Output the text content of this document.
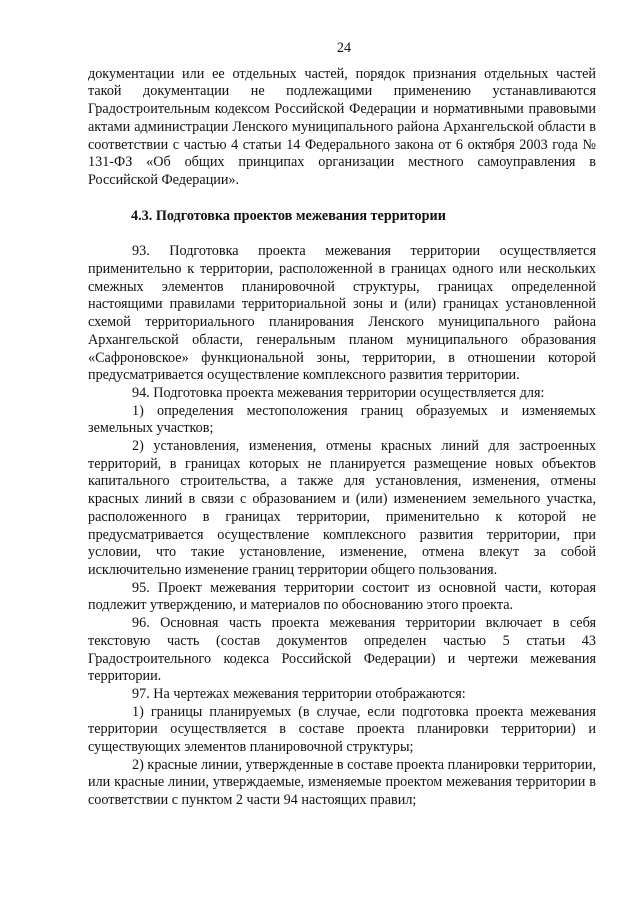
24

документации или ее отдельных частей, порядок признания отдельных частей такой документации не подлежащими применению устанавливаются Градостроительным кодексом Российской Федерации и нормативными правовыми актами администрации Ленского муниципального района Архангельской области в соответствии с частью 4 статьи 14 Федерального закона от 6 октября 2003 года № 131-ФЗ «Об общих принципах организации местного самоуправления в Российской Федерации».

4.3. Подготовка проектов межевания территории

93. Подготовка проекта межевания территории осуществляется применительно к территории, расположенной в границах одного или нескольких смежных элементов планировочной структуры, границах определенной настоящими правилами территориальной зоны и (или) границах установленной схемой территориального планирования Ленского муниципального района Архангельской области, генеральным планом муниципального образования «Сафроновское» функциональной зоны, территории, в отношении которой предусматривается осуществление комплексного развития территории.

94. Подготовка проекта межевания территории осуществляется для:

1) определения местоположения границ образуемых и изменяемых земельных участков;

2) установления, изменения, отмены красных линий для застроенных территорий, в границах которых не планируется размещение новых объектов капитального строительства, а также для установления, изменения, отмены красных линий в связи с образованием и (или) изменением земельного участка, расположенного в границах территории, применительно к которой не предусматривается осуществление комплексного развития территории, при условии, что такие установление, изменение, отмена влекут за собой исключительно изменение границ территории общего пользования.

95. Проект межевания территории состоит из основной части, которая подлежит утверждению, и материалов по обоснованию этого проекта.

96. Основная часть проекта межевания территории включает в себя текстовую часть (состав документов определен частью 5 статьи 43 Градостроительного кодекса Российской Федерации) и чертежи межевания территории.

97. На чертежах межевания территории отображаются:

1) границы планируемых (в случае, если подготовка проекта межевания территории осуществляется в составе проекта планировки территории) и существующих элементов планировочной структуры;

2) красные линии, утвержденные в составе проекта планировки территории, или красные линии, утверждаемые, изменяемые проектом межевания территории в соответствии с пунктом 2 части 94 настоящих правил;
